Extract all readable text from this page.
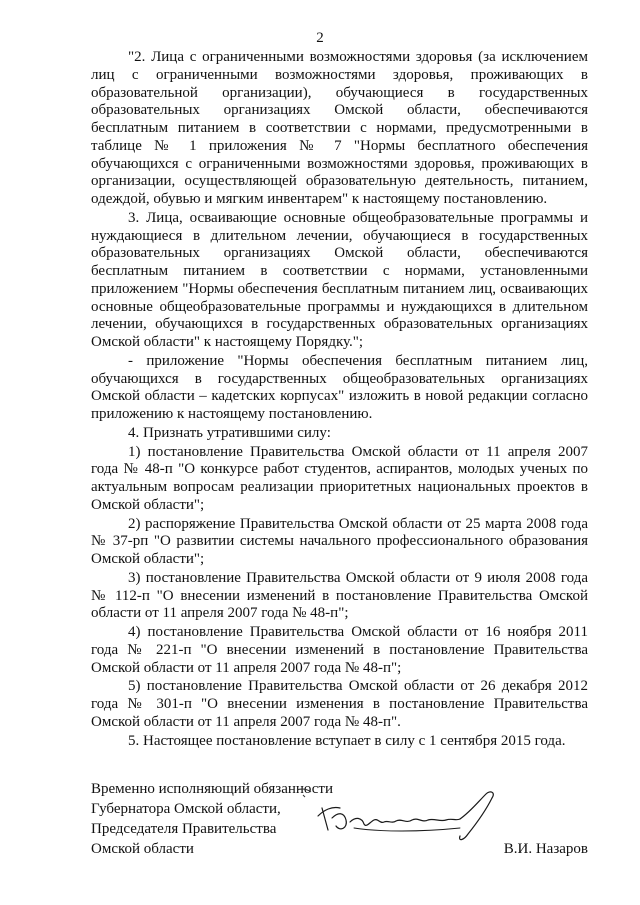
2

"2. Лица с ограниченными возможностями здоровья (за исключением лиц с ограниченными возможностями здоровья, проживающих в образовательной организации), обучающиеся в государственных образовательных организациях Омской области, обеспечиваются бесплатным питанием в соответствии с нормами, предусмотренными в таблице № 1 приложения № 7 "Нормы бесплатного обеспечения обучающихся с ограниченными возможностями здоровья, проживающих в организации, осуществляющей образовательную деятельность, питанием, одеждой, обувью и мягким инвентарем" к настоящему постановлению.

3. Лица, осваивающие основные общеобразовательные программы и нуждающиеся в длительном лечении, обучающиеся в государственных образовательных организациях Омской области, обеспечиваются бесплатным питанием в соответствии с нормами, установленными приложением "Нормы обеспечения бесплатным питанием лиц, осваивающих основные общеобразовательные программы и нуждающихся в длительном лечении, обучающихся в государственных образовательных организациях Омской области" к настоящему Порядку.";

- приложение "Нормы обеспечения бесплатным питанием лиц, обучающихся в государственных общеобразовательных организациях Омской области – кадетских корпусах" изложить в новой редакции согласно приложению к настоящему постановлению.

4. Признать утратившими силу:

1) постановление Правительства Омской области от 11 апреля 2007 года № 48-п "О конкурсе работ студентов, аспирантов, молодых ученых по актуальным вопросам реализации приоритетных национальных проектов в Омской области";

2) распоряжение Правительства Омской области от 25 марта 2008 года № 37-рп "О развитии системы начального профессионального образования Омской области";

3) постановление Правительства Омской области от 9 июля 2008 года № 112-п "О внесении изменений в постановление Правительства Омской области от 11 апреля 2007 года № 48-п";

4) постановление Правительства Омской области от 16 ноября 2011 года № 221-п "О внесении изменений в постановление Правительства Омской области от 11 апреля 2007 года № 48-п";

5) постановление Правительства Омской области от 26 декабря 2012 года № 301-п "О внесении изменения в постановление Правительства Омской области от 11 апреля 2007 года № 48-п".

5. Настоящее постановление вступает в силу с 1 сентября 2015 года.

Временно исполняющий обязанности
Губернатора Омской области,
Председателя Правительства
Омской области	В.И. Назаров
